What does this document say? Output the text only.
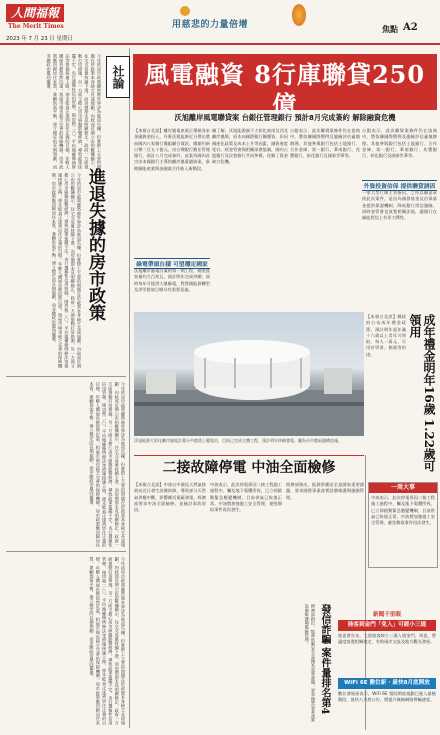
人間福報
The Merit Times
2023 年 7 月 23 日 星期日
用慈悲的力量倍增	焦點 A2
社論
進退失據的房市政策
今年的房市政策雖然被外界評為進退失據，但實際上主要的問題在於政策本身缺乏長遠規劃。內政部近期公布的數據顯示，住宅交易量持續下滑，而房價卻未見明顯修正。政府一方面推動打房措施，另一方面又擔心房市崩盤影響經濟，導致政策搖擺不定。央行選擇性信用管制、囤房稅二.〇、平均地權條例修法等措施接連上路，卻未能真正達到居住正義的目標。年輕人購屋負擔依然沉重，租屋市場也缺乏完善的保障機制。房市政策應回歸居住本質，兼顧供需平衡，建立穩定的長期規劃，而非隨政治風向擺盪。
今年的房市政策雖然被外界評為進退失據，但實際上主要的問題在於政策本身缺乏長遠規劃。內政部近期公布的數據顯示，住宅交易量持續下滑，而房價卻未見明顯修正。政府一方面推動打房措施，另一方面又擔心房市崩盤影響經濟，導致政策搖擺不定。央行選擇性信用管制、囤房稅二.〇、平均地權條例修法等措施接連上路，卻未能真正達到居住正義的目標。年輕人購屋負擔依然沉重，租屋市場也缺乏完善的保障機制。房市政策應回歸居住本質，兼顧供需平衡，建立穩定的長期規劃，而非隨政治風向擺盪。
今年的房市政策雖然被外界評為進退失據，但實際上主要的問題在於政策本身缺乏長遠規劃。內政部近期公布的數據顯示，住宅交易量持續下滑，而房價卻未見明顯修正。政府一方面推動打房措施，另一方面又擔心房市崩盤影響經濟，導致政策搖擺不定。央行選擇性信用管制、囤房稅二.〇、平均地權條例修法等措施接連上路，卻未能真正達到居住正義的目標。年輕人購屋負擔依然沉重，租屋市場也缺乏完善的保障機制。房市政策應回歸居住本質，兼顧供需平衡，建立穩定的長期規劃，而非隨政治風向擺盪。
今年的房市政策雖然被外界評為進退失據，但實際上主要的問題在於政策本身缺乏長遠規劃。內政部近期公布的數據顯示，住宅交易量持續下滑，而房價卻未見明顯修正。政府一方面推動打房措施，另一方面又擔心房市崩盤影響經濟，導致政策搖擺不定。央行選擇性信用管制、囤房稅二.〇、平均地權條例修法等措施接連上路，卻未能真正達到居住正義的目標。年輕人購屋負擔依然沉重，租屋市場也缺乏完善的保障機制。房市政策應回歸居住本質，兼顧供需平衡，建立穩定的長期規劃，而非隨政治風向擺盪。
風電融資 8行庫聯貸250億
沃旭離岸風電聯貸案 台銀任管理銀行 預計8月完成簽約 解除融資危機
【本報台北訊】離岸風電產業正積極尋求金融資金投入，丹麥沃旭能源近日傳出將向國內八家銀行籌組聯合貸款，總額約新台幣二百五十億元，由台灣銀行擔任管理銀行，預計八月完成簽約。此案為國內首宗由本國銀行主導的離岸風電融資案，象徵綠能產業與金融業合作進入新階段。
據了解，沃旭能源旗下大彰化東南及西北離岸風場，原本向國際銀行團籌資，但因國產化政策及成本上升等因素，融資進度延宕。經金管會與相關部會協調，國內公股銀行及民營銀行共同參與，化解了資金缺口危機。
台銀表示，此次聯貸案條件仍在協商中，將依據國際慣例及風險評估審慎辦理。其他參與銀行包括土地銀行、合作金庫、第一銀行、華南銀行、兆豐銀行、彰化銀行及國泰世華等。
台銀表示，此次聯貸案條件仍在協商中，將依據國際慣例及風險評估審慎辦理。其他參與銀行包括土地銀行、合作金庫、第一銀行、華南銀行、兆豐銀行、彰化銀行及國泰世華等。
綠電帶頭台積 可望穩定國家
沃旭離岸風電計畫的第一期工程，總裝置容量約九百兆瓦，預計明年完成併網，屆時每年可提供大量綠電，對我國能源轉型及淨零排放目標具有重要意義。
外資投資信保 提供聯貸誘因
一家大型行庫主管指出，之所以願意承接此次案件，是因為國發基金及信保基金提供保證機制，降低銀行授信風險。同時金管會也放寬相關法規，讓銀行在綠能授信上有更大彈性。
沃旭能源大彰化離岸風電計畫台中港陸上變電站，目前已完成主體工程，預計明年併網發電。圖為台中港區儲槽設施。	成年禮金明年16歲 1.22歲可領用
【本報台北訊】韓政府公布成年禮金政策，預計明年起年滿十六歲以上青年可領取，每人一萬元，可用於學習、創業等用途。
二接故障停電 中油全面檢修
【本報台北訊】中油台中液化天然氣接收站近日發生設備故障，導致部分天然氣供應中斷，影響鄰近電廠發電。經濟部要求中油全面檢修，並檢討事故原因。
中油表示，此次停電係因二接工程施工過程中，觸及地下電纜所致，已立即啟動緊急應變機制，目前供氣已恢復正常。中油將加強施工安全管理，避免類似事件再次發生。
經濟部指出，能源供應安全是國家重要課題，要求國營事業落實設備維護與風險管理。
一周大事
中油表示，此次停電係因二接工程施工過程中，觸及地下電纜所致，已立即啟動緊急應變機制，目前供氣已恢復正常。中油將加強施工安全管理，避免類似事件再次發生。
發信詐騙 案件量排名第4
經濟部指出，能源供應安全是國家重要課題，要求國營事業落實設備維護與風險管理。	新聞千里眼
陸客到金門「免入」可經小三通
陸委會宣布，大陸旅客經小三通入境金門、馬祖，將適度放寬相關規定，有助兩岸交流及地方觀光發展。
WiFi 6E 數位新 · 最快8月底開放
數位發展部表示，WiFi 6E 頻段開放規劃已進入最後階段，最快八月底公告，將提升無線網路傳輸速度。
